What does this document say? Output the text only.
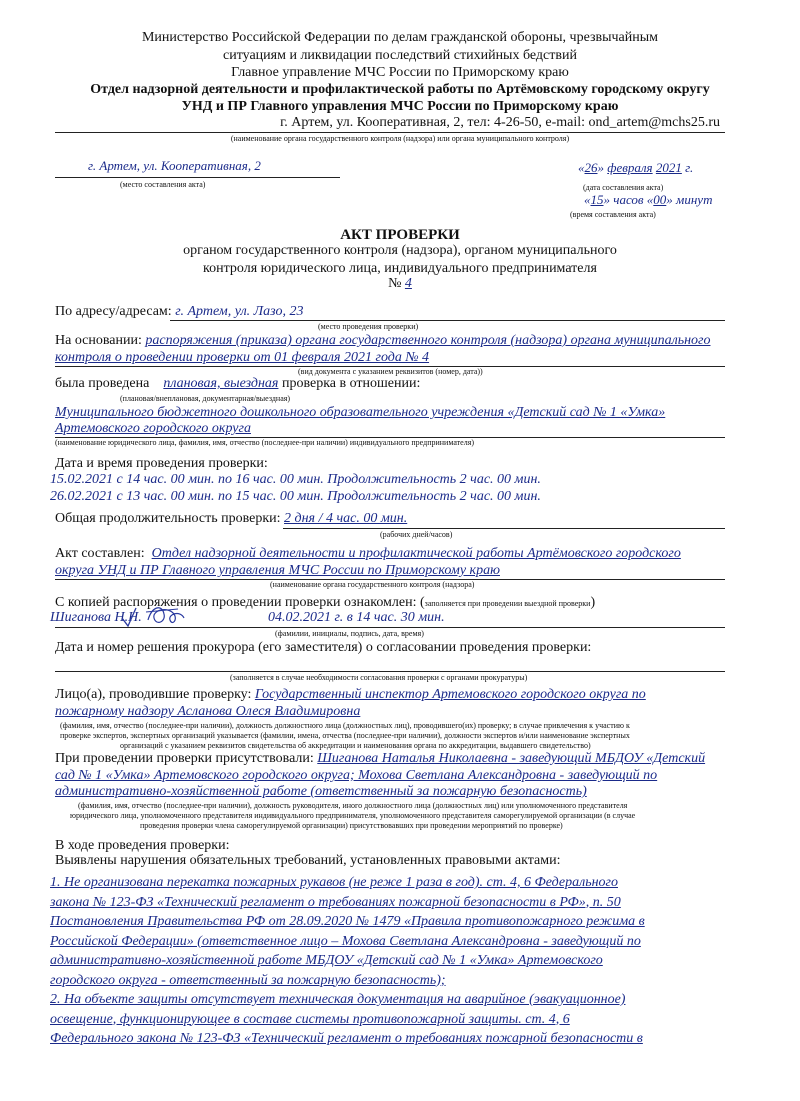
Министерство Российской Федерации по делам гражданской обороны, чрезвычайным
ситуациям и ликвидации последствий стихийных бедствий
Главное управление МЧС России по Приморскому краю
Отдел надзорной деятельности и профилактической работы по Артёмовскому городскому округу
УНД и ПР Главного управления МЧС России по Приморскому краю
г. Артем, ул. Кооперативная, 2, тел: 4-26-50, e-mail: ond_artem@mchs25.ru
(наименование органа государственного контроля (надзора) или органа муниципального контроля)
г. Артем, ул. Кооперативная, 2
(место составления акта)
«26» февраля 2021 г.
(дата составления акта)
«15» часов «00» минут
(время составления акта)
АКТ ПРОВЕРКИ
органом государственного контроля (надзора), органом муниципального
контроля юридического лица, индивидуального предпринимателя
№ 4
По адресу/адресам: г. Артем, ул. Лазо, 23
(место проведения проверки)
На основании: распоряжения (приказа) органа государственного контроля (надзора) органа муниципального
контроля о проведении проверки от 01 февраля 2021 года № 4
(вид документа с указанием реквизитов (номер, дата))
была проведена плановая, выездная проверка в отношении:
(плановая/внеплановая, документарная/выездная)
Муниципального бюджетного дошкольного образовательного учреждения «Детский сад № 1 «Умка»
Артемовского городского округа
(наименование юридического лица, фамилия, имя, отчество (последнее-при наличии) индивидуального предпринимателя)
Дата и время проведения проверки:
15.02.2021 с 14 час. 00 мин. по 16 час. 00 мин. Продолжительность 2 час. 00 мин.
26.02.2021 с 13 час. 00 мин. по 15 час. 00 мин. Продолжительность 2 час. 00 мин.
Общая продолжительность проверки: 2 дня / 4 час. 00 мин.
(рабочих дней/часов)
Акт составлен: Отдел надзорной деятельности и профилактической работы Артёмовского городского
округа УНД и ПР Главного управления МЧС России по Приморскому краю
(наименование органа государственного контроля (надзора)
С копией распоряжения о проведении проверки ознакомлен: (заполняется при проведении выездной проверки)
Шиганова Н.Н.	04.02.2021 г. в 14 час. 30 мин.
(фамилии, инициалы, подпись, дата, время)
Дата и номер решения прокурора (его заместителя) о согласовании проведения проверки:
(заполняется в случае необходимости согласования проверки с органами прокуратуры)
Лицо(а), проводившие проверку: Государственный инспектор Артемовского городского округа по
пожарному надзору Асланова Олеся Владимировна
(фамилия, имя, отчество (последнее-при наличии), должность должностного лица (должностных лиц), проводившего(их) проверку; в случае привлечения к участию к
проверке экспертов, экспертных организаций указывается (фамилии, имена, отчества (последнее-при наличии), должности экспертов и/или наименование экспертных
организаций с указанием реквизитов свидетельства об аккредитации и наименования органа по аккредитации, выдавшего свидетельство)
При проведении проверки присутствовали: Шиганова Наталья Николаевна - заведующий МБДОУ «Детский
сад № 1 «Умка» Артемовского городского округа; Мохова Светлана Александровна - заведующий по
административно-хозяйственной работе (ответственный за пожарную безопасность)
(фамилия, имя, отчество (последнее-при наличии), должность руководителя, иного должностного лица (должностных лиц) или уполномоченного представителя
юридического лица, уполномоченного представителя индивидуального предпринимателя, уполномоченного представителя саморегулируемой организации (в случае
проведения проверки члена саморегулируемой организации) присутствовавших при проведении мероприятий по проверке)
В ходе проведения проверки:
Выявлены нарушения обязательных требований, установленных правовыми актами:
1. Не организована перекатка пожарных рукавов (не реже 1 раза в год). ст. 4, 6 Федерального
закона № 123-ФЗ «Технический регламент о требованиях пожарной безопасности в РФ», п. 50
Постановления Правительства РФ от 28.09.2020 № 1479 «Правила противопожарного режима в
Российской Федерации» (ответственное лицо – Мохова Светлана Александровна - заведующий по
административно-хозяйственной работе МБДОУ «Детский сад № 1 «Умка» Артемовского
городского округа - ответственный за пожарную безопасность);
2. На объекте защиты отсутствует техническая документация на аварийное (эвакуационное)
освещение, функционирующее в составе системы противопожарной защиты. ст. 4, 6
Федерального закона № 123-ФЗ «Технический регламент о требованиях пожарной безопасности в
